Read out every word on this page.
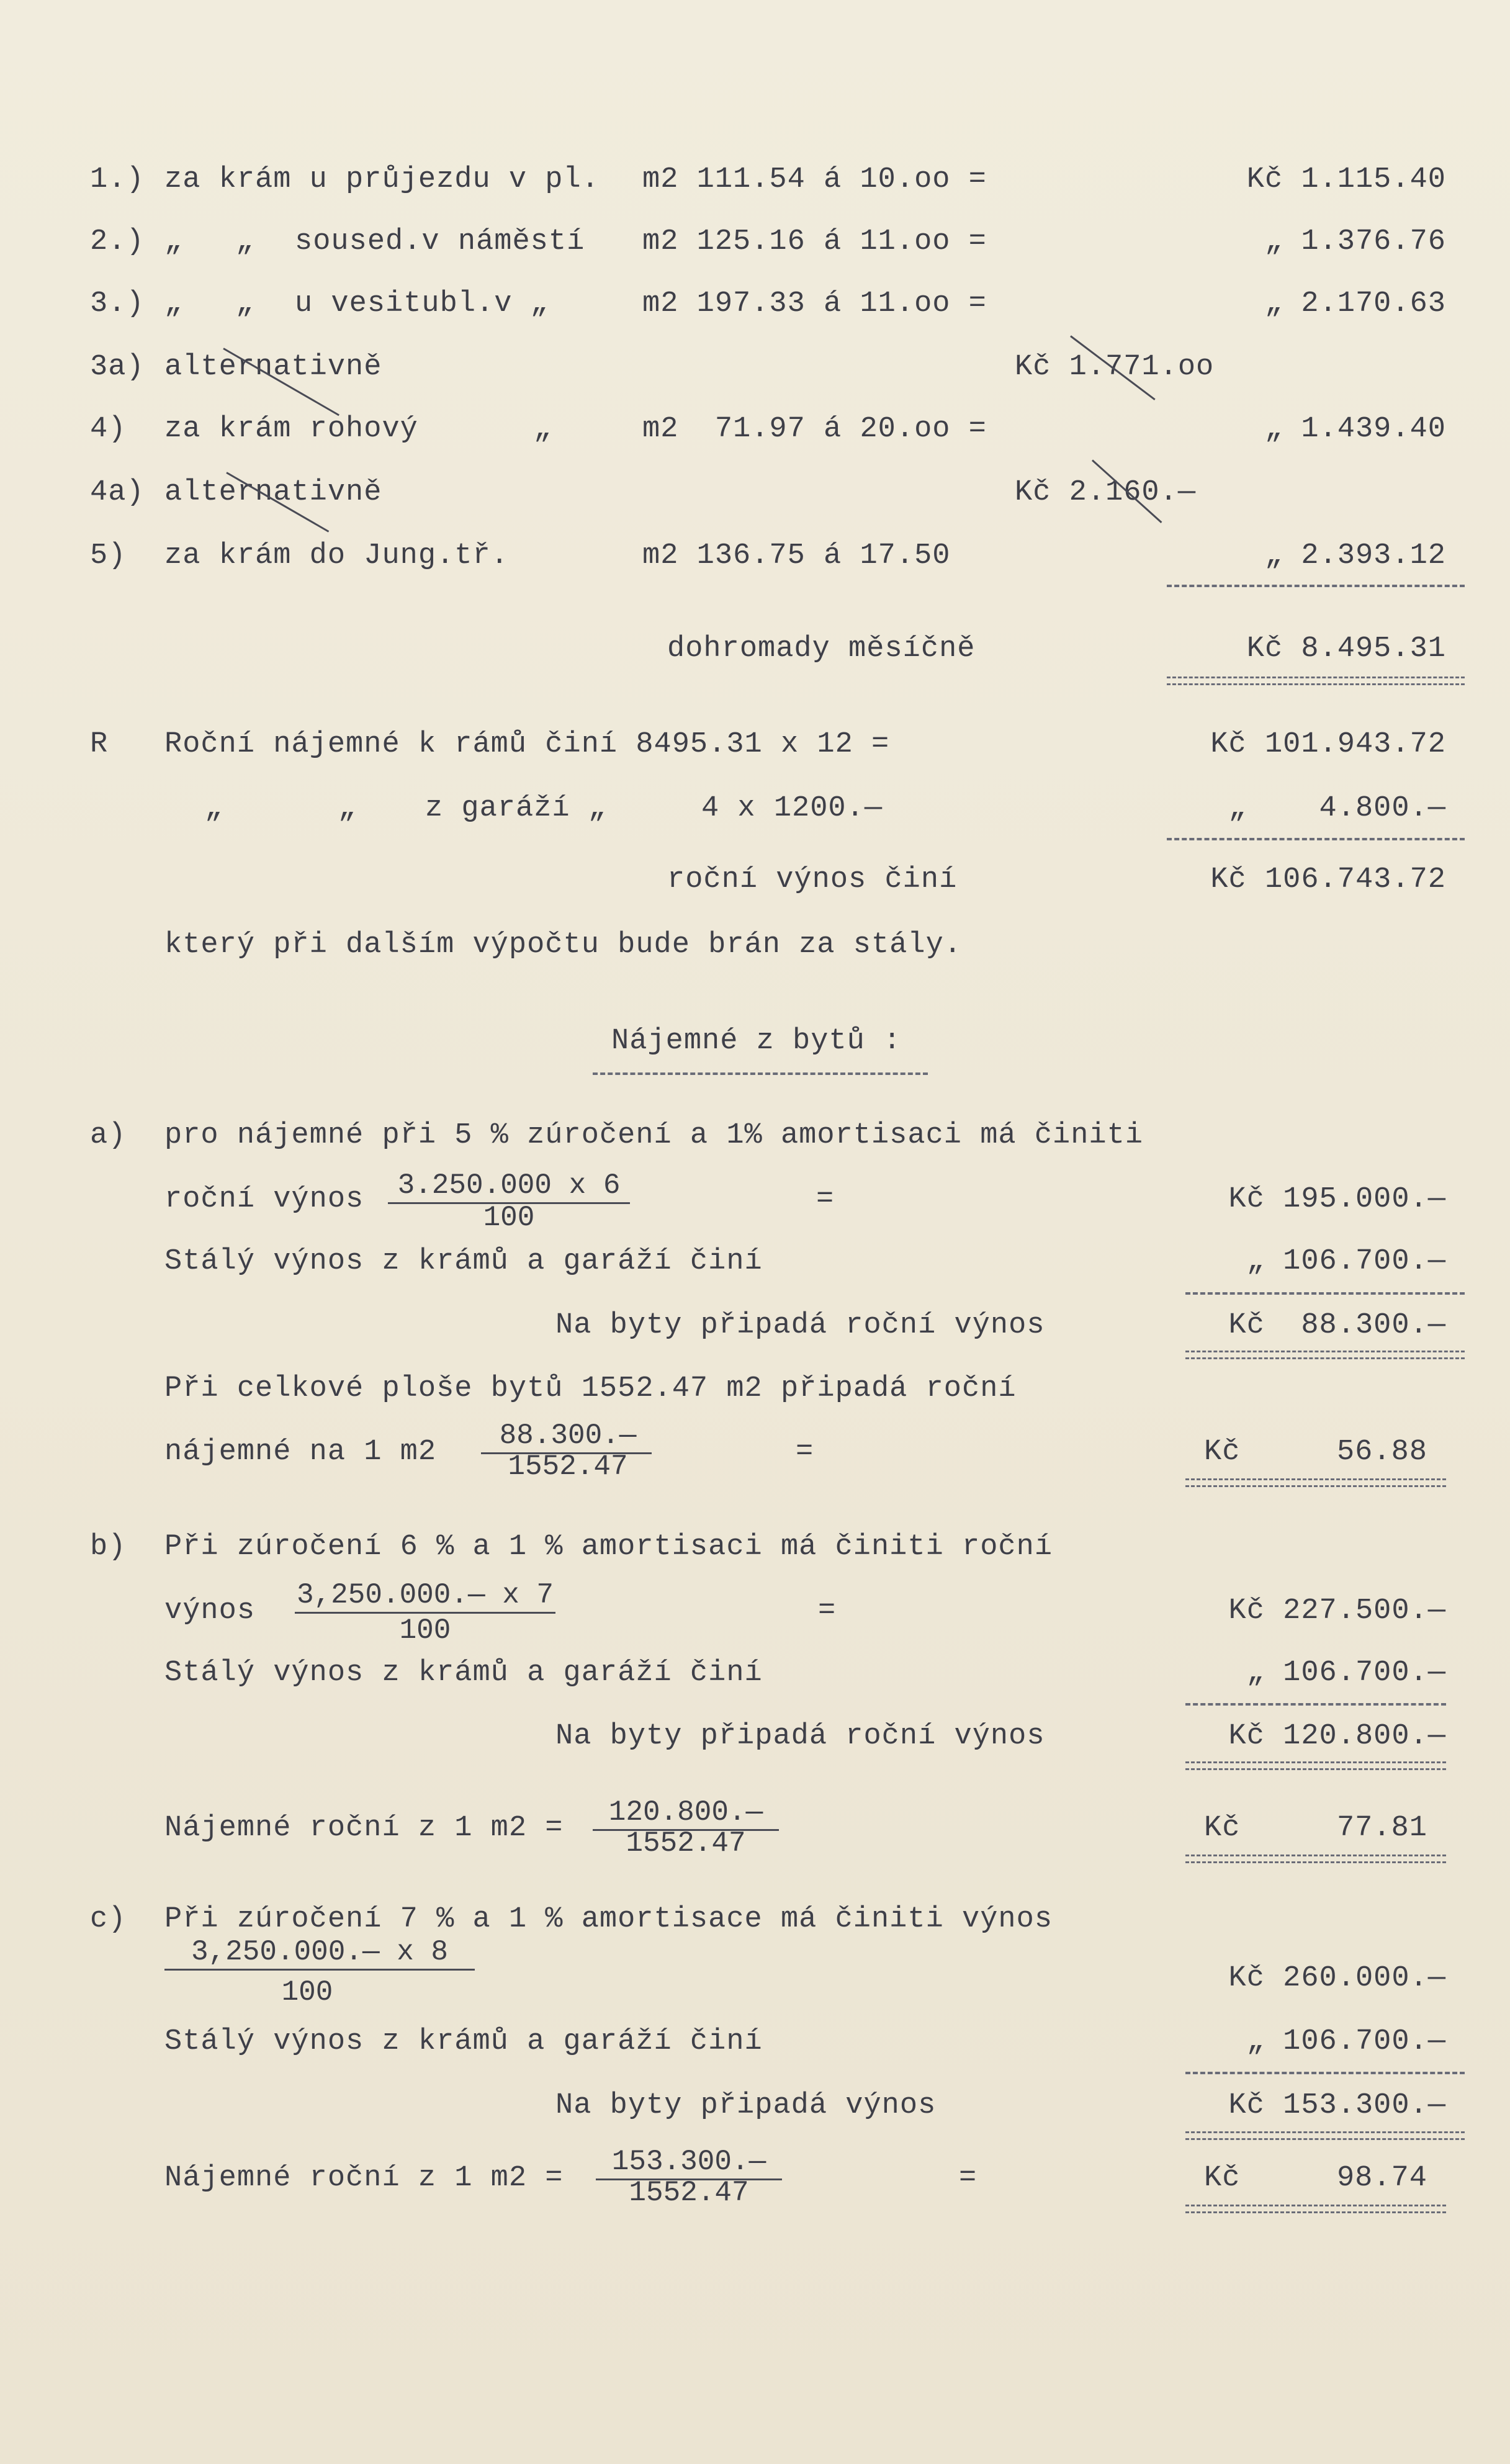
1.) za krám u průjezdu v pl. m2 111.54 á 10.oo =	Kč 1.115.40
2.) „ „ soused.v náměstí m2 125.16 á 11.oo =	„ 1.376.76
3.) „ „ u vesitubl.v „	m2 197.33 á 11.oo =	„ 2.170.63
3a) alternativně	Kč 1.771.oo
4) za krám rohový	„	m2  71.97 á 20.oo =	„ 1.439.40
4a) alternativně	Kč 2.160.—
5) za krám do Jung.tř.	m2 136.75 á 17.50	„ 2.393.12
dohromady měsíčně	Kč 8.495.31
R Roční nájemné k rámů činí 8495.31 x 12 =	Kč 101.943.72
„	„ z garáží „	4 x 1200.—	„    4.800.—
roční výnos činí	Kč 106.743.72
který při dalším výpočtu bude brán za stály.
Nájemné z bytů :
a) pro nájemné při 5 % zúročení a 1% amortisaci má činiti
roční výnos	3.250.000 x 6
100
=	Kč 195.000.—
Stálý výnos z krámů a garáží činí	„ 106.700.—
Na byty připadá roční výnos	Kč  88.300.—
Při celkové ploše bytů 1552.47 m2 připadá roční
nájemné na 1 m2	88.300.—
1552.47	=	Kč	56.88
b) Při zúročení 6 % a 1 % amortisaci má činiti roční
výnos 3,250.000.— x 7
100
=	Kč 227.500.—
Stálý výnos z krámů a garáží činí	„ 106.700.—
Na byty připadá roční výnos	Kč 120.800.—
Nájemné roční z 1 m2 =	120.800.—
1552.47	Kč	77.81
c) Při zúročení 7 % a 1 % amortisace má činiti výnos
3,250.000.— x 8
100	Kč 260.000.—
Stálý výnos z krámů a garáží činí	„ 106.700.—
Na byty připadá výnos	Kč 153.300.—
Nájemné roční z 1 m2 =	153.300.—
1552.47	=	Kč	98.74
